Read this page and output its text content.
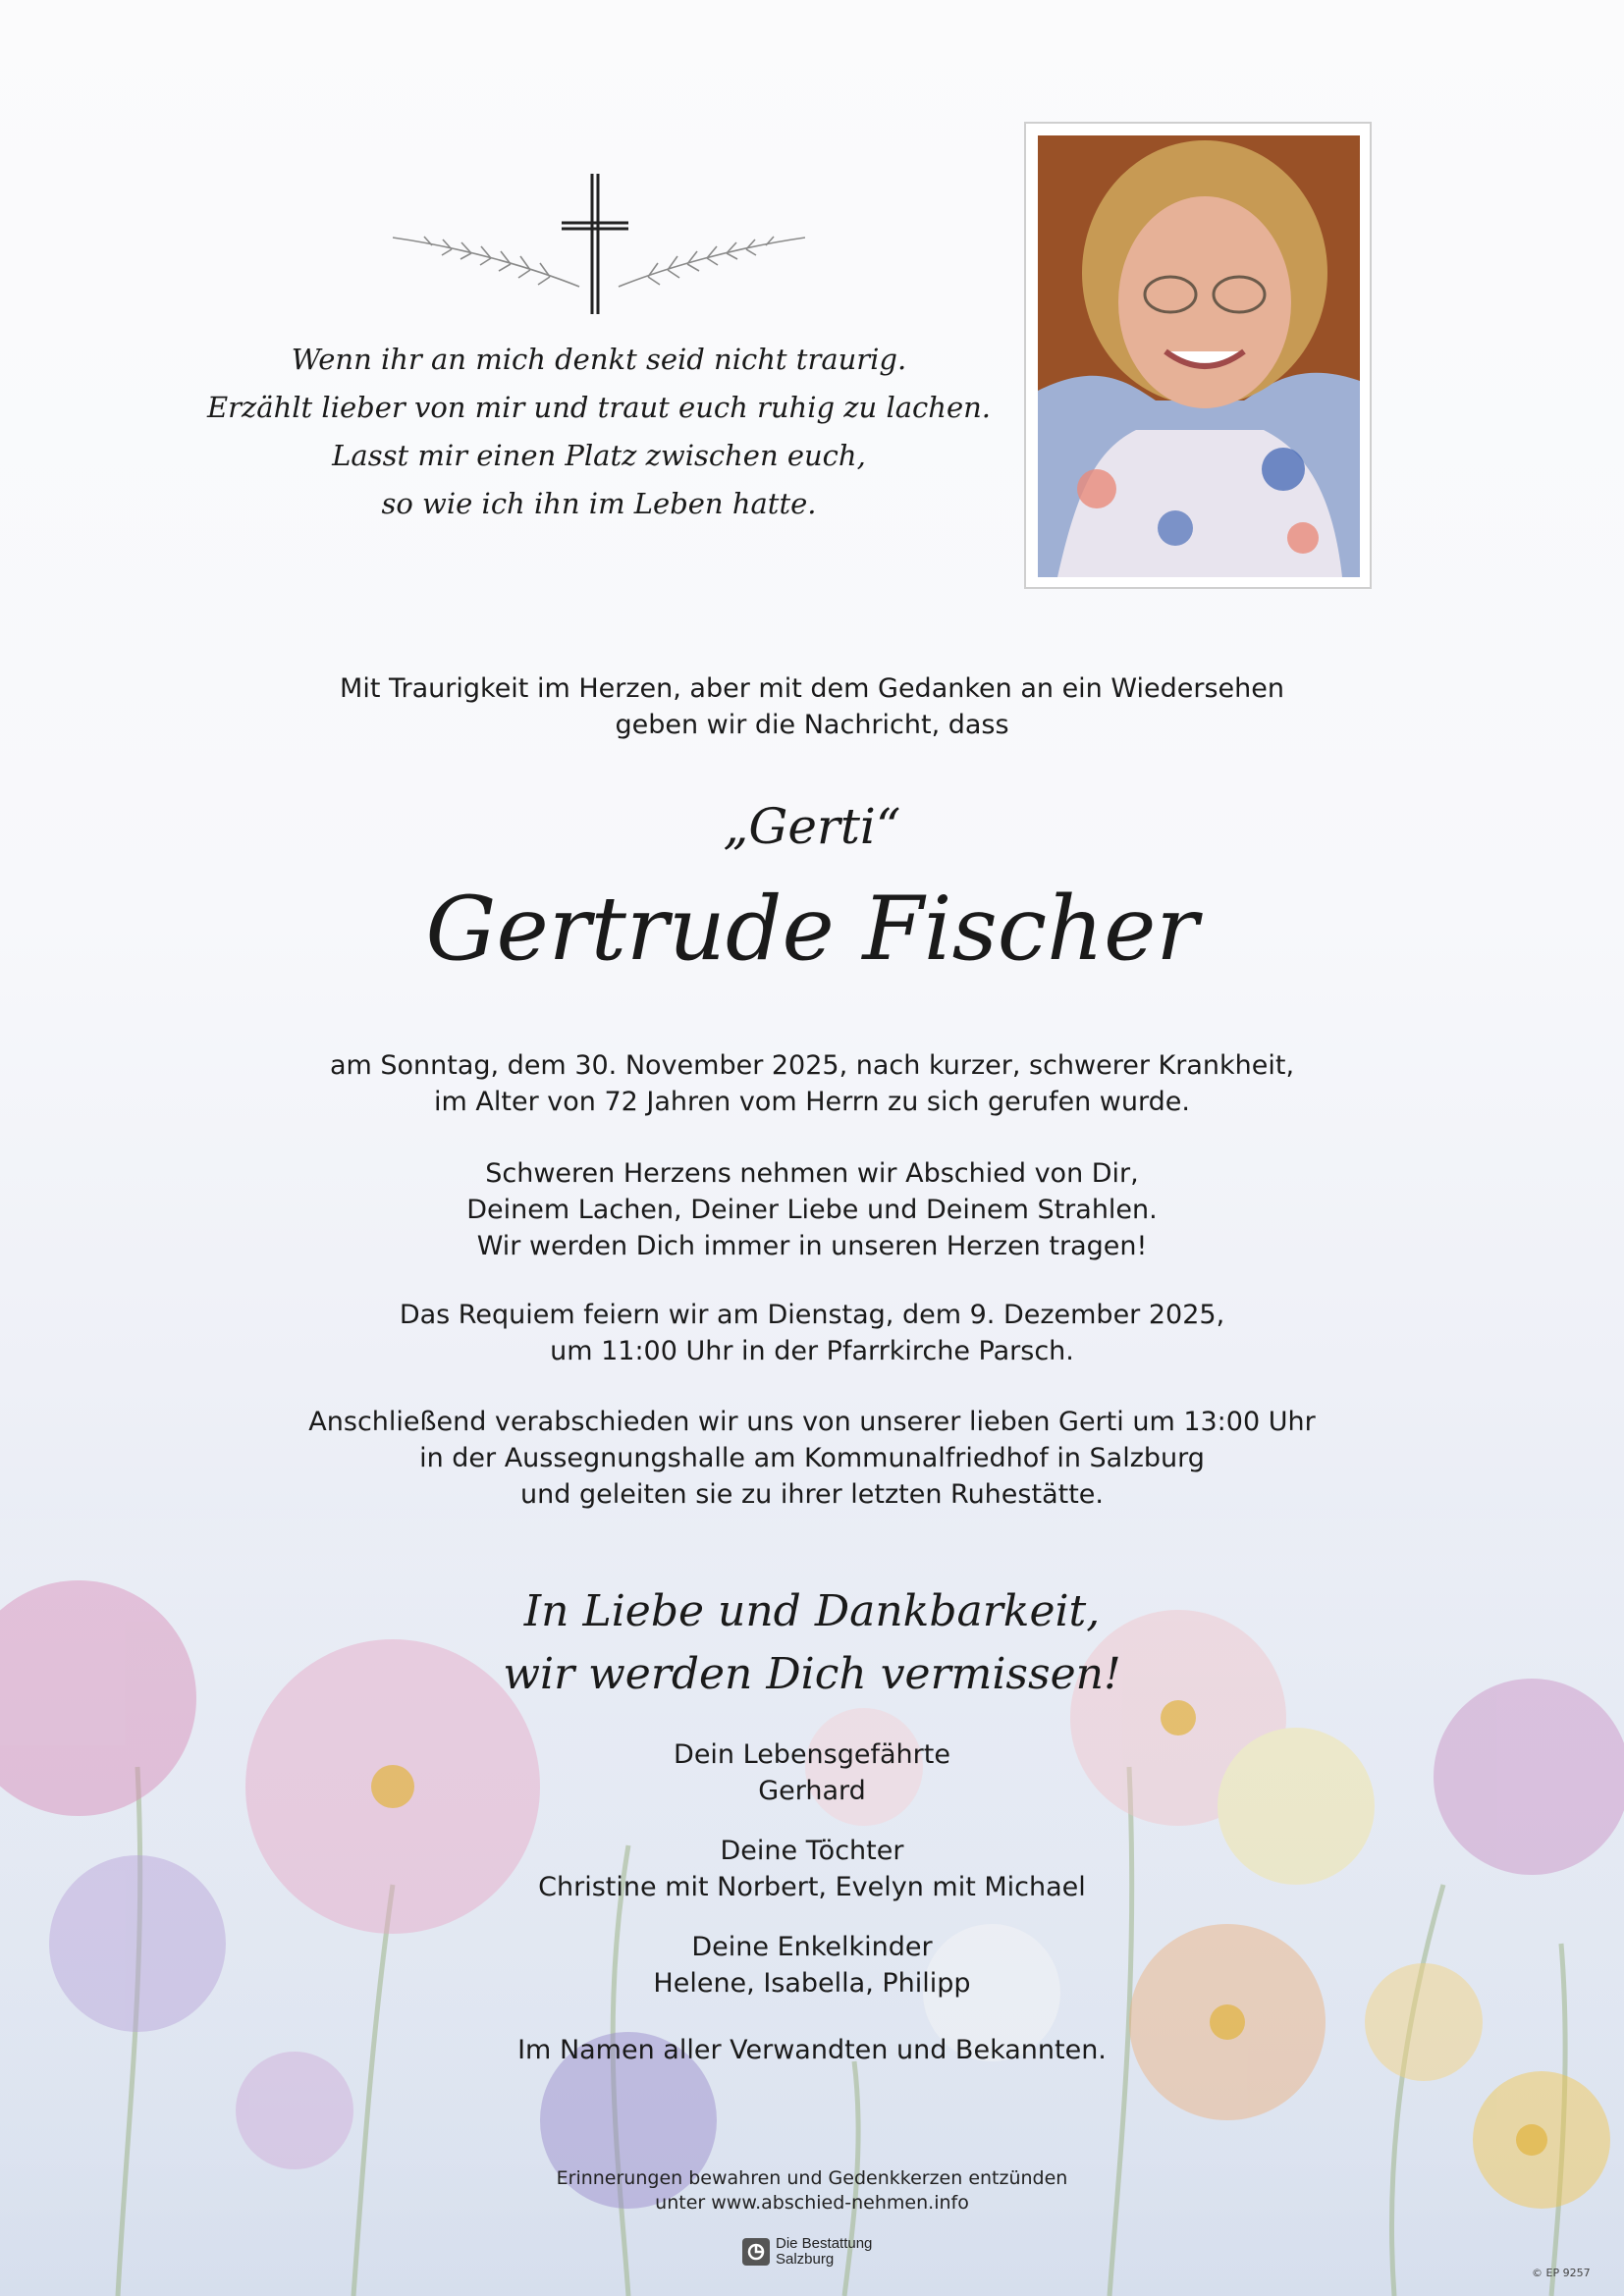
Wenn ihr an mich denkt seid nicht traurig.
Erzählt lieber von mir und traut euch ruhig zu lachen.
Lasst mir einen Platz zwischen euch,
so wie ich ihn im Leben hatte.
Mit Traurigkeit im Herzen, aber mit dem Gedanken an ein Wiedersehen
geben wir die Nachricht, dass
„Gerti“
Gertrude Fischer
am Sonntag, dem 30. November 2025, nach kurzer, schwerer Krankheit,
im Alter von 72 Jahren vom Herrn zu sich gerufen wurde.
Schweren Herzens nehmen wir Abschied von Dir,
Deinem Lachen, Deiner Liebe und Deinem Strahlen.
Wir werden Dich immer in unseren Herzen tragen!
Das Requiem feiern wir am Dienstag, dem 9. Dezember 2025,
um 11:00 Uhr in der Pfarrkirche Parsch.
Anschließend verabschieden wir uns von unserer lieben Gerti um 13:00 Uhr
in der Aussegnungshalle am Kommunalfriedhof in Salzburg
und geleiten sie zu ihrer letzten Ruhestätte.
In Liebe und Dankbarkeit,
wir werden Dich vermissen!
Dein Lebensgefährte
Gerhard
Deine Töchter
Christine mit Norbert, Evelyn mit Michael
Deine Enkelkinder
Helene, Isabella, Philipp
Im Namen aller Verwandten und Bekannten.
Erinnerungen bewahren und Gedenkkerzen entzünden
unter www.abschied-nehmen.info
Die Bestattung
Salzburg
© EP 9257
